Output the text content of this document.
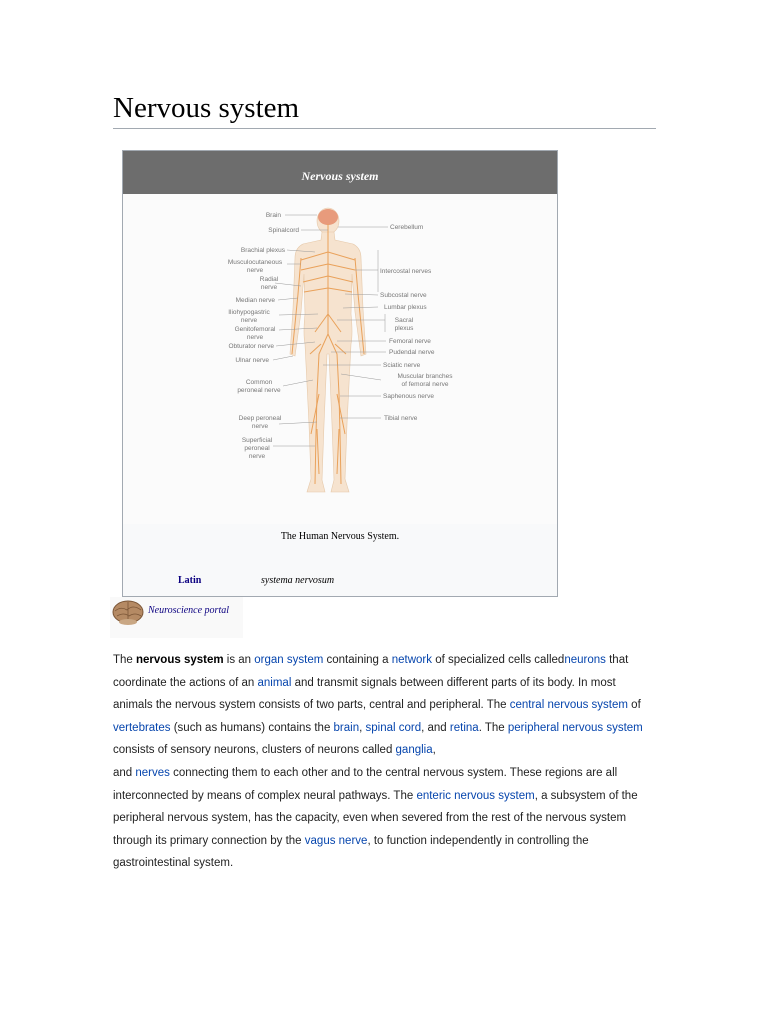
Nervous system
Nervous system
Brain
Spinalcord
Brachial plexus
Musculocutaneous
nerve
Radial
nerve
Median nerve
Iliohypogastric
nerve
Genitofemoral
nerve
Obturator nerve
Ulnar nerve
Common
peroneal nerve
Deep peroneal
nerve
Superficial
peroneal
nerve
Cerebellum
Intercostal nerves
Subcostal nerve
Lumbar plexus
Sacral
plexus
Femoral nerve
Pudendal nerve
Sciatic nerve
Muscular branches
of femoral nerve
Saphenous nerve
Tibial nerve
The Human Nervous System.
Latin	systema nervosum
Neuroscience portal

The nervous system is an organ system containing a network of specialized cells calledneurons that coordinate the actions of an animal and transmit signals between different parts of its body. In most animals the nervous system consists of two parts, central and peripheral. The central nervous system of vertebrates (such as humans) contains the brain, spinal cord, and retina. The peripheral nervous system consists of sensory neurons, clusters of neurons called ganglia,
and nerves connecting them to each other and to the central nervous system. These regions are all interconnected by means of complex neural pathways. The enteric nervous system, a subsystem of the peripheral nervous system, has the capacity, even when severed from the rest of the nervous system through its primary connection by the vagus nerve, to function independently in controlling the gastrointestinal system.
